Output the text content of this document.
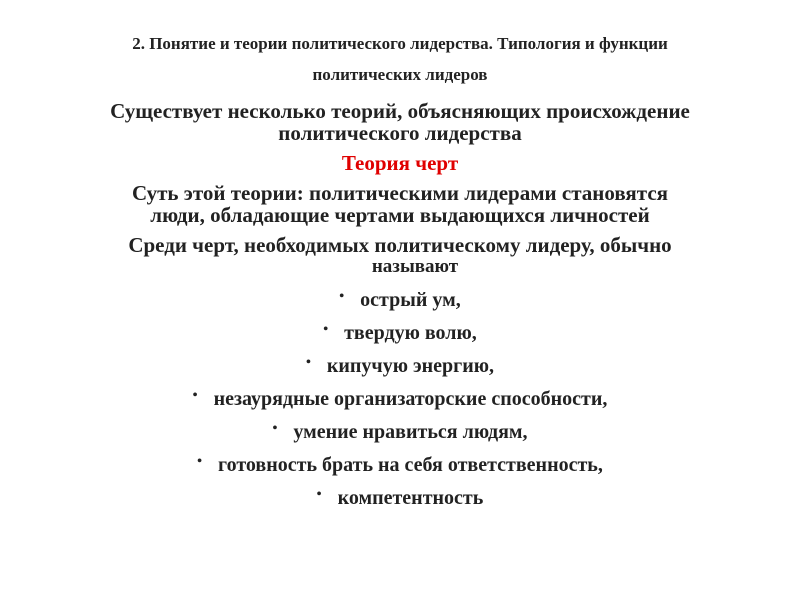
2. Понятие и теории политического лидерства. Типология и функции
политических лидеров

Существует несколько теорий, объясняющих происхождение
политического лидерства

Теория черт

Суть этой теории: политическими лидерами становятся
люди, обладающие чертами выдающихся личностей

Среди черт, необходимых политическому лидеру, обычно
называют

• острый ум,
• твердую волю,
• кипучую энергию,
• незаурядные организаторские способности,
• умение нравиться людям,
• готовность брать на себя ответственность,
• компетентность
